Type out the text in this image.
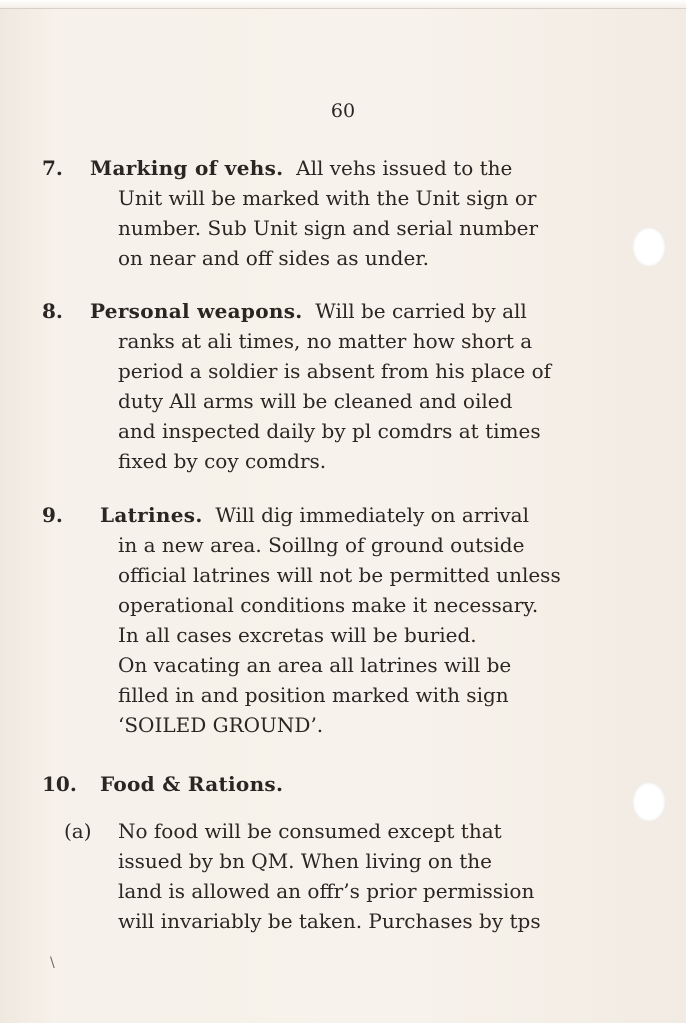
60
7. Marking of vehs. All vehs issued to the
Unit will be marked with the Unit sign or
number. Sub Unit sign and serial number
on near and off sides as under.
8. Personal weapons. Will be carried by all
ranks at ali times, no matter how short a
period a soldier is absent from his place of
duty All arms will be cleaned and oiled
and inspected daily by pl comdrs at times
fixed by coy comdrs.
9. Latrines. Will dig immediately on arrival
in a new area. Soillng of ground outside
official latrines will not be permitted unless
operational conditions make it necessary.
In all cases excretas will be buried.
On vacating an area all latrines will be
filled in and position marked with sign
‘SOILED GROUND’.
10. Food & Rations.
(a) No food will be consumed except that
issued by bn QM. When living on the
land is allowed an offr’s prior permission
will invariably be taken. Purchases by tps
\
